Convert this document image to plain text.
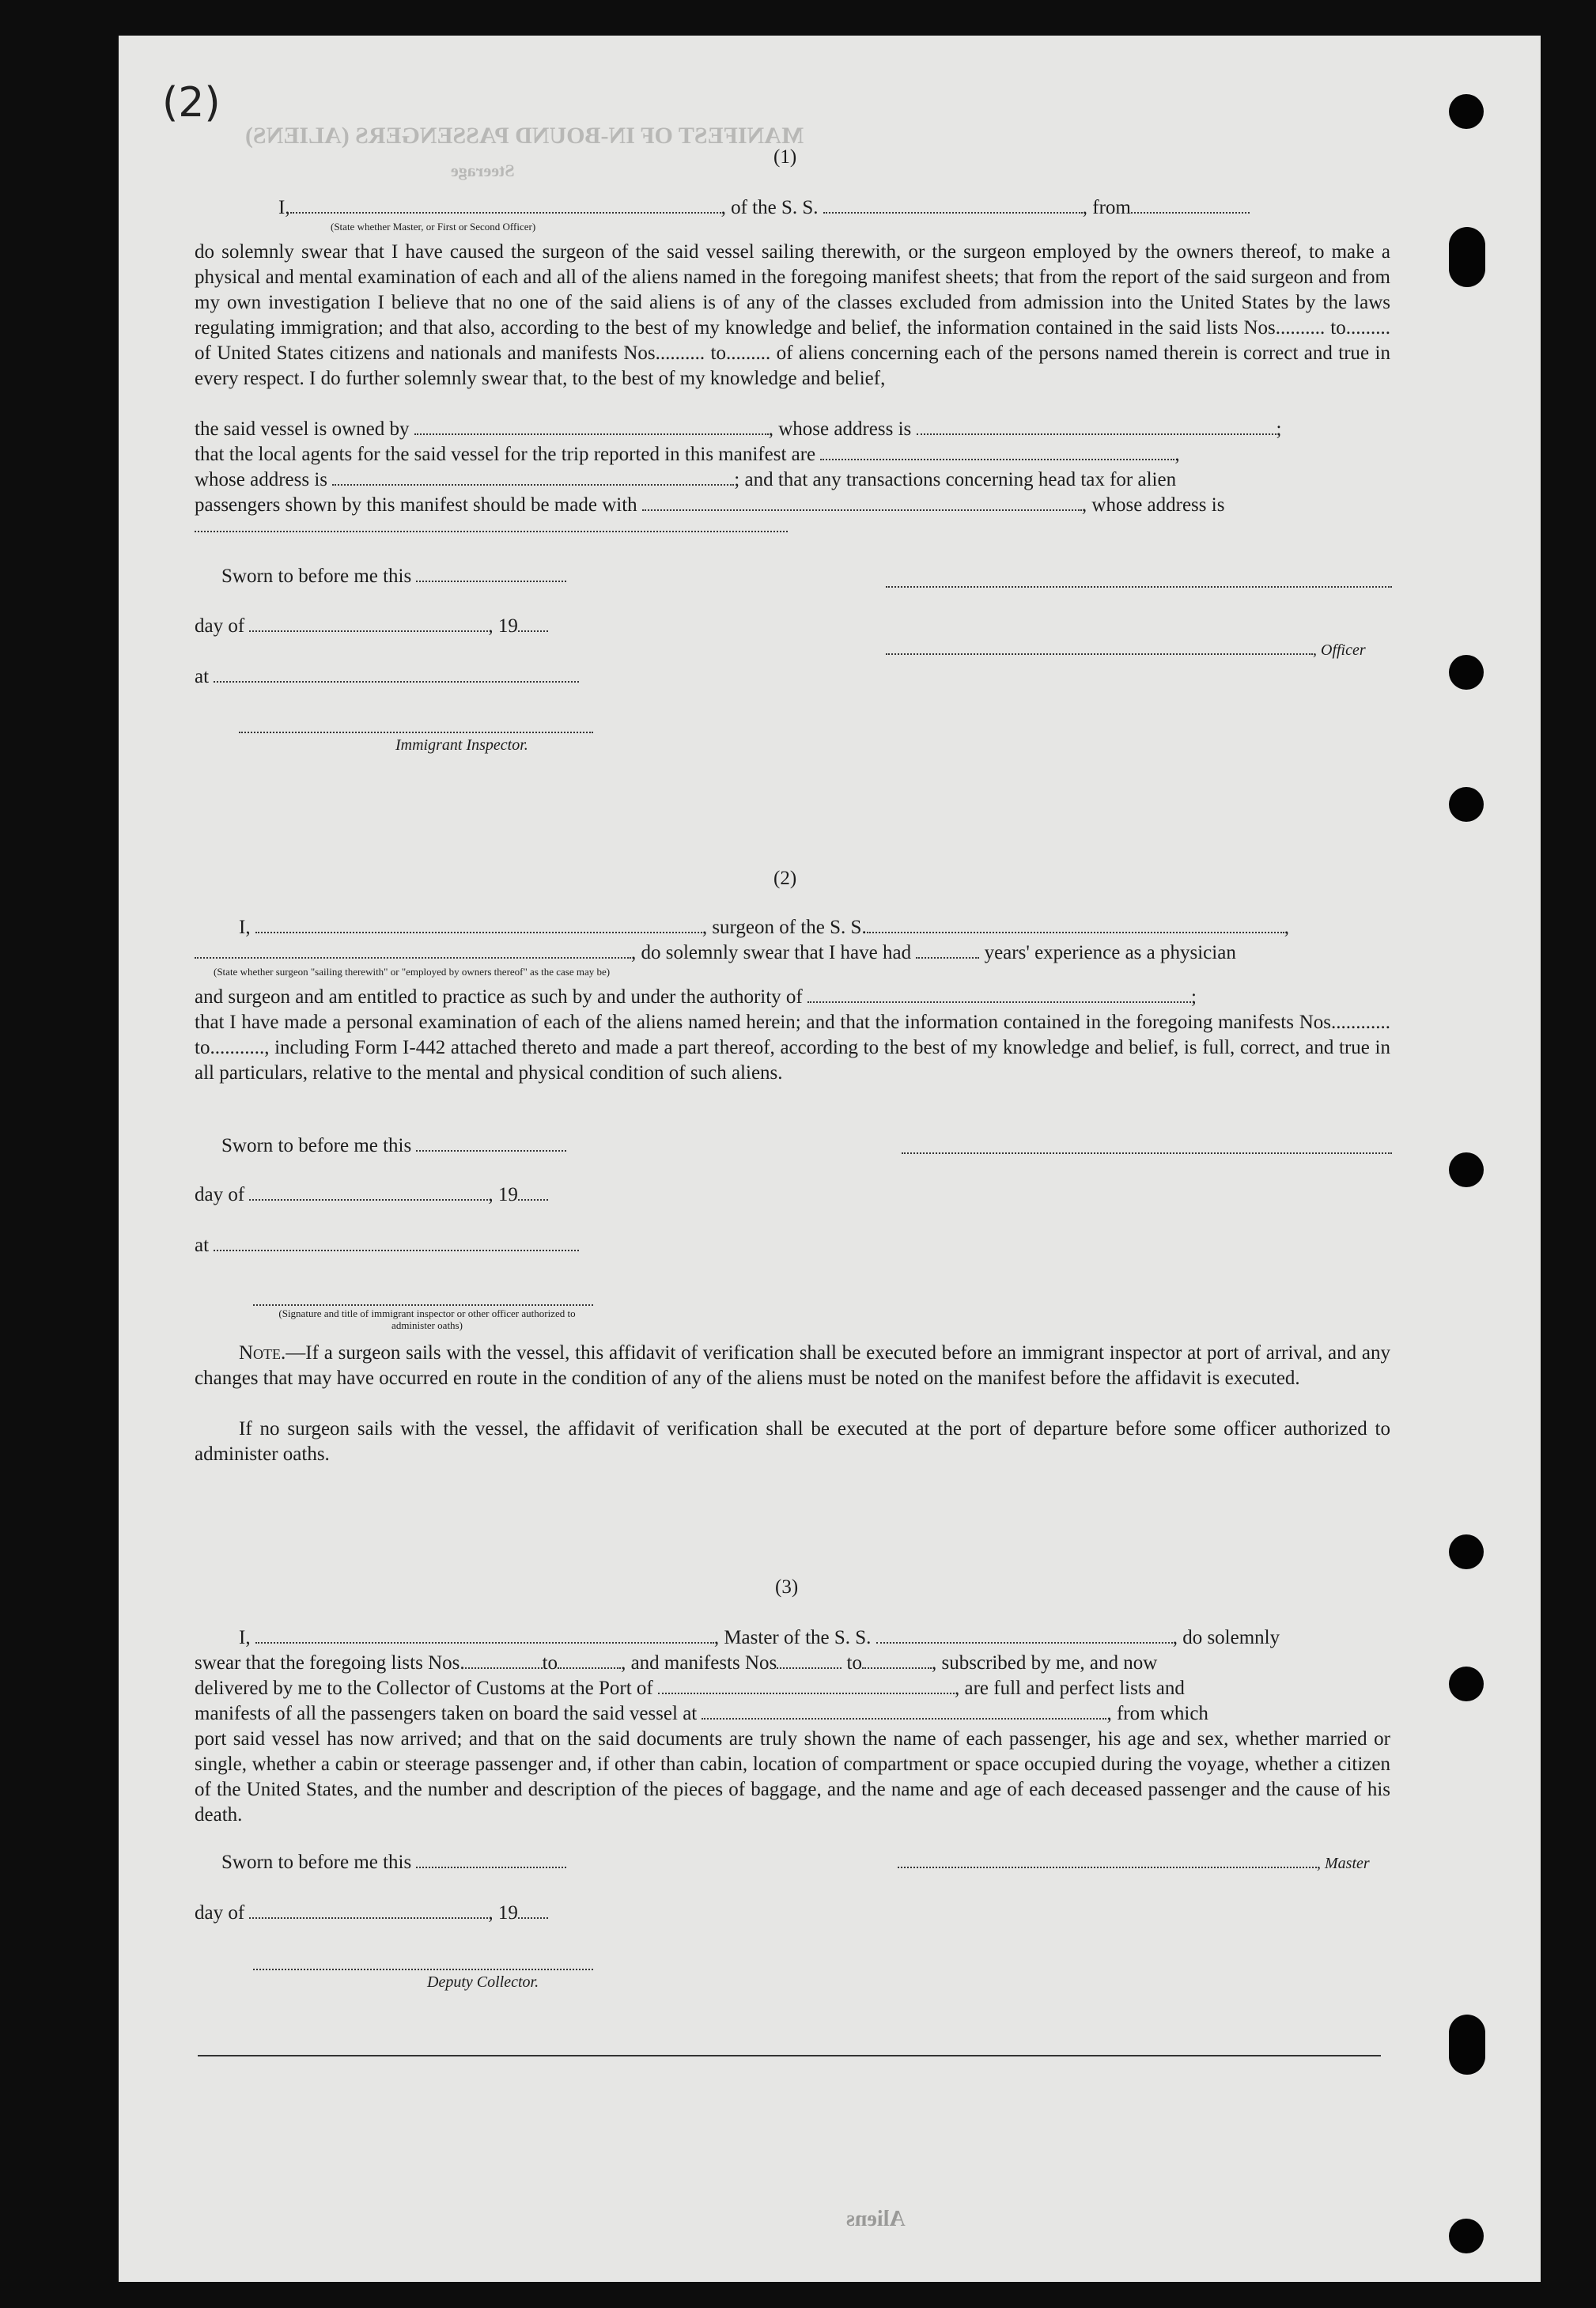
MANIFEST OF IN-BOUND PASSENGERS (ALIENS)
Steerage
Aliens
(2)
(1)
I,	, of the S. S.	, from
(State whether Master, or First or Second Officer)
do solemnly swear that I have caused the surgeon of the said vessel sailing therewith, or the surgeon employed by the owners thereof, to make a physical and mental examination of each and all of the aliens named in the foregoing manifest sheets; that from the report of the said surgeon and from my own investigation I believe that no one of the said aliens is of any of the classes excluded from admission into the United States by the laws regulating immigration; and that also, according to the best of my knowledge and belief, the information contained in the said lists Nos.......... to......... of United States citizens and nationals and manifests Nos.......... to......... of aliens concerning each of the persons named therein is correct and true in every respect. I do further solemnly swear that, to the best of my knowledge and belief,
the said vessel is owned by	, whose address is	;
that the local agents for the said vessel for the trip reported in this manifest are	,
whose address is	; and that any transactions concerning head tax for alien
passengers shown by this manifest should be made with	, whose address is
Sworn to before me this
day of	, 19
, Officer
at
Immigrant Inspector.
(2)
I,	, surgeon of the S. S.	,
, do solemnly swear that I have had	years' experience as a physician
(State whether surgeon "sailing therewith" or "employed by owners thereof" as the case may be)
and surgeon and am entitled to practice as such by and under the authority of	;
that I have made a personal examination of each of the aliens named herein; and that the information contained in the foregoing manifests Nos............ to..........., including Form I-442 attached thereto and made a part thereof, according to the best of my knowledge and belief, is full, correct, and true in all particulars, relative to the mental and physical condition of such aliens.
Sworn to before me this
day of	, 19
at
(Signature and title of immigrant inspector or other officer authorized to administer oaths)
Note.—If a surgeon sails with the vessel, this affidavit of verification shall be executed before an immigrant inspector at port of arrival, and any changes that may have occurred en route in the condition of any of the aliens must be noted on the manifest before the affidavit is executed.
If no surgeon sails with the vessel, the affidavit of verification shall be executed at the port of departure before some officer authorized to administer oaths.
(3)
I,	, Master of the S. S.	, do solemnly
swear that the foregoing lists Nos.	to	, and manifests Nos	to	, subscribed by me, and now
delivered by me to the Collector of Customs at the Port of	, are full and perfect lists and
manifests of all the passengers taken on board the said vessel at	, from which
port said vessel has now arrived; and that on the said documents are truly shown the name of each passenger, his age and sex, whether married or single, whether a cabin or steerage passenger and, if other than cabin, location of compartment or space occupied during the voyage, whether a citizen of the United States, and the number and description of the pieces of baggage, and the name and age of each deceased passenger and the cause of his death.
Sworn to before me this	, Master
day of	, 19
Deputy Collector.
